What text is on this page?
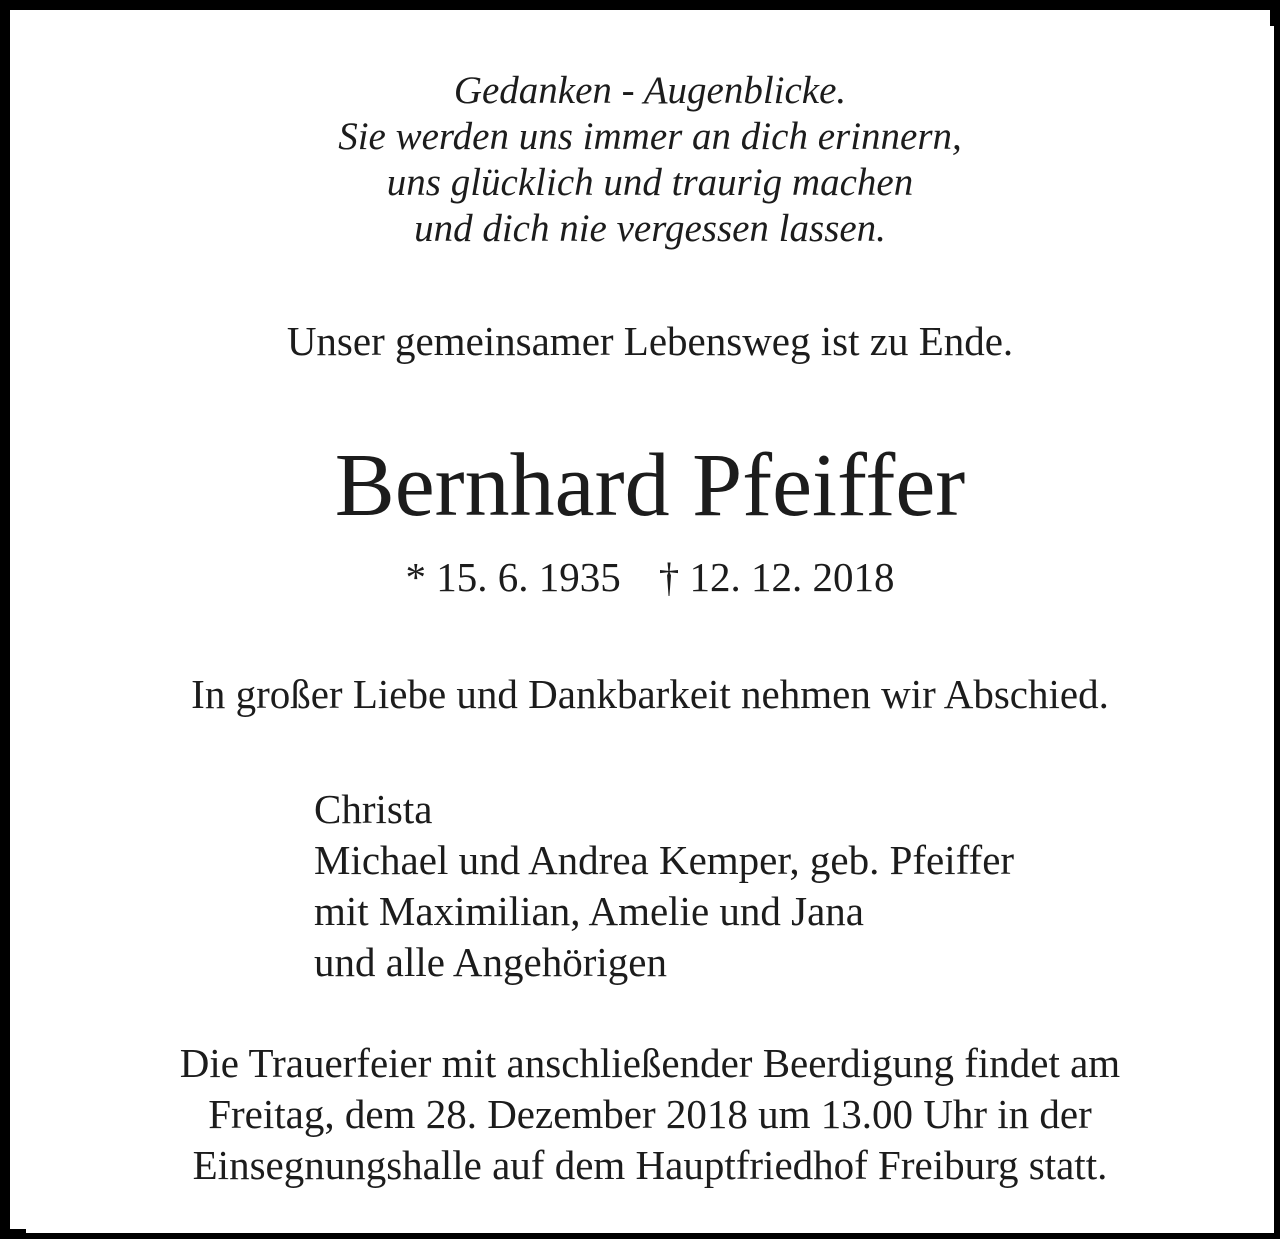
Gedanken - Augenblicke.
Sie werden uns immer an dich erinnern,
uns glücklich und traurig machen
und dich nie vergessen lassen.
Unser gemeinsamer Lebensweg ist zu Ende.
Bernhard Pfeiffer
* 15. 6. 1935 † 12. 12. 2018
In großer Liebe und Dankbarkeit nehmen wir Abschied.
Christa
Michael und Andrea Kemper, geb. Pfeiffer
mit Maximilian, Amelie und Jana
und alle Angehörigen
Die Trauerfeier mit anschließender Beerdigung findet am
Freitag, dem 28. Dezember 2018 um 13.00 Uhr in der
Einsegnungshalle auf dem Hauptfriedhof Freiburg statt.
